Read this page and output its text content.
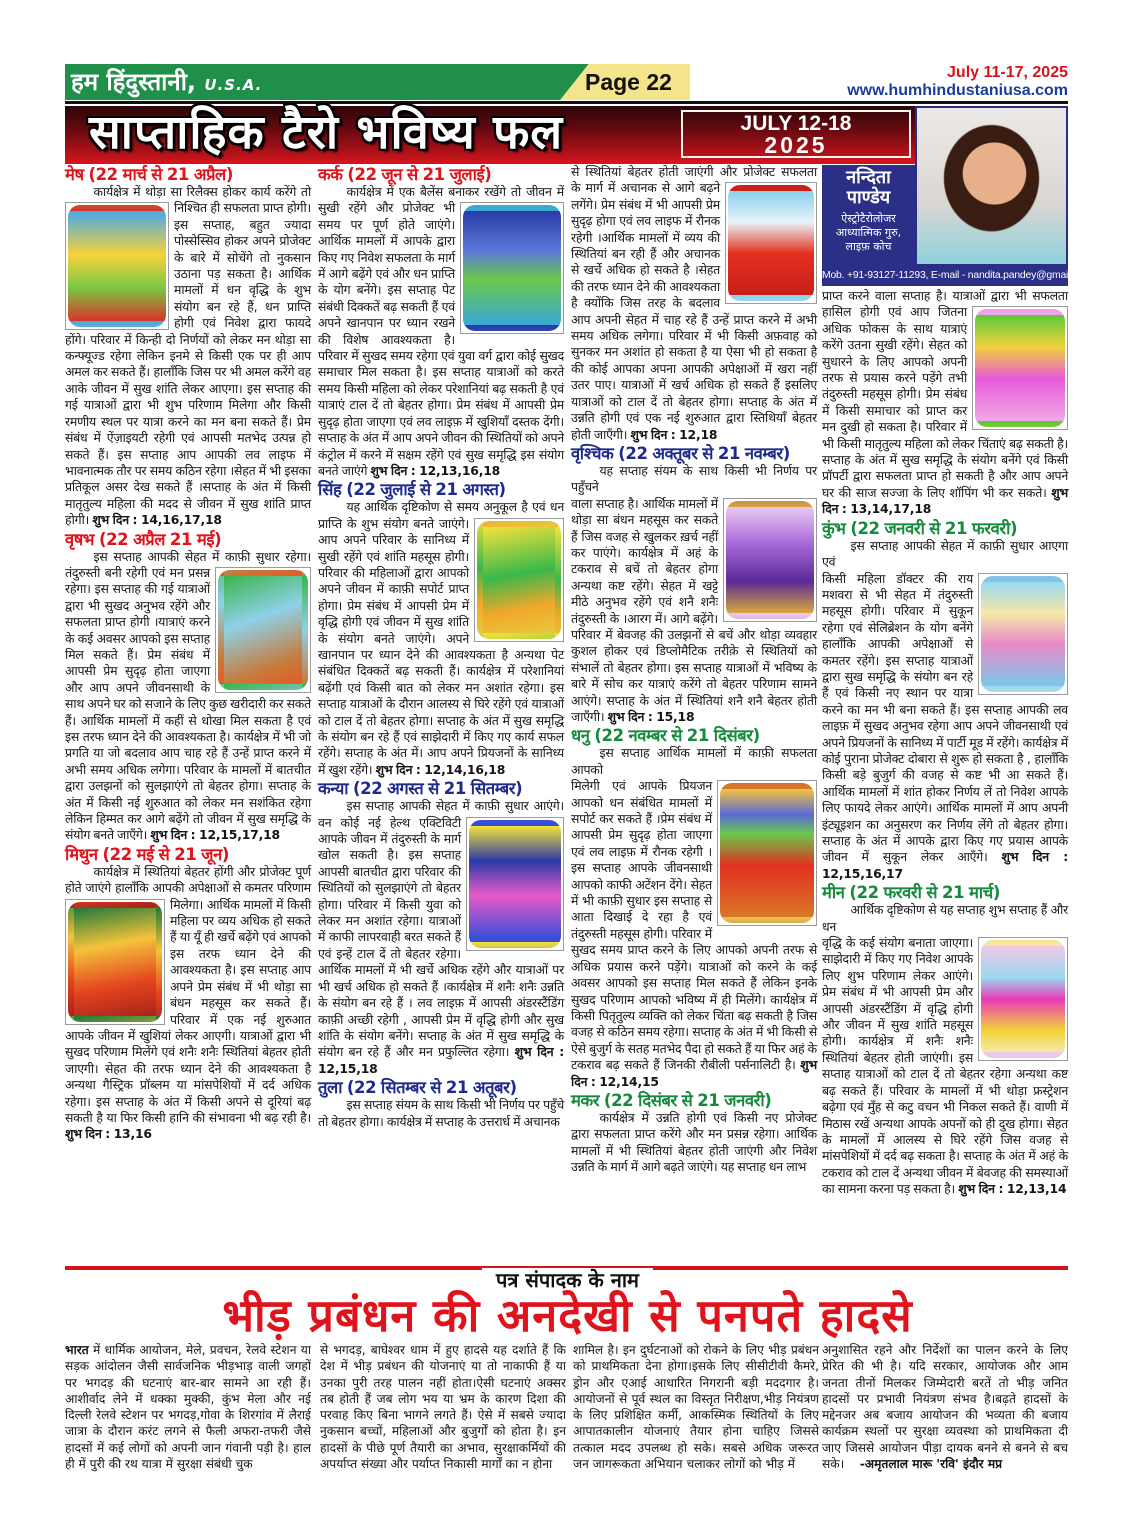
हम हिंदुस्तानी, U.S.A.	Page 22	July 11-17, 2025
www.humhindustaniusa.com
साप्ताहिक टैरो भविष्य फल	JULY 12-18
2025
नन्दिता
पाण्डेय
ऐस्ट्रोटैरोलोजर
आध्यात्मिक गुरु,
लाइफ़ कोच
Mob. +91-93127-11293, E-mail - nandita.pandey@gmail.com
मेष (22 मार्च से 21 अप्रैल)

कार्यक्षेत्र में थोड़ा सा रिलैक्स होकर कार्य करेंगे तो

निश्चित ही सफलता प्राप्त होगी। इस सप्ताह, बहुत ज्यादा पोस्सेस्सिव होकर अपने प्रोजेक्ट के बारे में सोचेंगे तो नुकसान उठाना पड़ सकता है। आर्थिक मामलों में धन वृद्धि के शुभ संयोग बन रहे हैं, धन प्राप्ति होगी एवं निवेश द्वारा फायदे होंगे। परिवार में किन्ही दो निर्णयों को लेकर मन थोड़ा सा कन्फ्यूज्ड रहेगा लेकिन इनमे से किसी एक पर ही आप अमल कर सकते हैं। हालाँकि जिस पर भी अमल करेंगे वह आके जीवन में सुख शांति लेकर आएगा। इस सप्ताह की गई यात्राओं द्वारा भी शुभ परिणाम मिलेगा और किसी रमणीय स्थल पर यात्रा करने का मन बना सकते हैं। प्रेम संबंध में ऐंज़ाइयटी रहेगी एवं आपसी मतभेद उत्पन्न हो सकते हैं। इस सप्ताह आप आपकी लव लाइफ में भावनात्मक तौर पर समय कठिन रहेगा ।सेहत में भी इसका प्रतिकूल असर देख सकते हैं ।सप्ताह के अंत में किसी मातृतुल्य महिला की मदद से जीवन में सुख शांति प्राप्त होगी। शुभ दिन : 14,16,17,18

वृषभ (22 अप्रैल 21 मई)

इस सप्ताह आपकी सेहत में काफ़ी सुधार रहेगा।

तंदुरुस्ती बनी रहेगी एवं मन प्रसन्न रहेगा। इस सप्ताह की गई यात्राओं द्वारा भी सुखद अनुभव रहेंगे और सफलता प्राप्त होगी ।यात्राएं करने के कई अवसर आपको इस सप्ताह मिल सकते हैं। प्रेम संबंध में आपसी प्रेम सुदृढ़ होता जाएगा और आप अपने जीवनसाथी के साथ अपने घर को सजाने के लिए कुछ खरीदारी कर सकते हैं। आर्थिक मामलों में कहीं से धोखा मिल सकता है एवं इस तरफ ध्यान देने की आवश्यकता है। कार्यक्षेत्र में भी जो प्रगति या जो बदलाव आप चाह रहे हैं उन्हें प्राप्त करने में अभी समय अधिक लगेगा। परिवार के मामलों में बातचीत द्वारा उलझनों को सुलझाएंगे तो बेहतर होगा। सप्ताह के अंत में किसी नई शुरुआत को लेकर मन सशंकित रहेगा लेकिन हिम्मत कर आगे बढ़ेंगे तो जीवन में सुख समृद्धि के संयोग बनते जाएँगे। शुभ दिन : 12,15,17,18

मिथुन (22 मई से 21 जून)

कार्यक्षेत्र में स्थितियां बेहतर होंगी और प्रोजेक्ट पूर्ण

होते जाएंगे हालाँकि आपकी अपेक्षाओं से कमतर परिणाम

मिलेगा। आर्थिक मामलों में किसी महिला पर व्यय अधिक हो सकते हैं या यूँ ही खर्चे बढ़ेंगे एवं आपको इस तरफ ध्यान देने की आवश्यकता है। इस सप्ताह आप अपने प्रेम संबंध में भी थोड़ा सा बंधन महसूस कर सकते हैं। परिवार में एक नई शुरुआत आपके जीवन में खुशियां लेकर आएगी। यात्राओं द्वारा भी सुखद परिणाम मिलेंगे एवं शनैः शनैः स्थितियां बेहतर होती जाएगी। सेहत की तरफ ध्यान देने की आवश्यकता है अन्यथा गैस्ट्रिक प्रॉब्लम या मांसपेशियों में दर्द अधिक रहेगा। इस सप्ताह के अंत में किसी अपने से दूरियां बढ़ सकती है या फिर किसी हानि की संभावना भी बढ़ रही है। शुभ दिन : 13,16

कर्क (22 जून से 21 जुलाई)

कार्यक्षेत्र में एक बैलेंस बनाकर रखेंगे तो जीवन में

सुखी रहेंगे और प्रोजेक्ट भी समय पर पूर्ण होते जाएंगे। आर्थिक मामलों में आपके द्वारा किए गए निवेश सफलता के मार्ग में आगे बढ़ेंगे एवं और धन प्राप्ति के योग बनेंगे। इस सप्ताह पेट संबंधी दिक्कतें बढ़ सकती हैं एवं अपने खानपान पर ध्यान रखने की विशेष आवश्यकता है। परिवार में सुखद समय रहेगा एवं युवा वर्ग द्वारा कोई सुखद समाचार मिल सकता है। इस सप्ताह यात्राओं को करते समय किसी महिला को लेकर परेशानियां बढ़ सकती है एवं यात्राएं टाल दें तो बेहतर होगा। प्रेम संबंध में आपसी प्रेम सुदृढ़ होता जाएगा एवं लव लाइफ़ में खुशियाँ दस्तक देंगी। सप्ताह के अंत में आप अपने जीवन की स्थितियों को अपने कंट्रोल में करने में सक्षम रहेंगे एवं सुख समृद्धि इस संयोग बनते जाएंगे शुभ दिन : 12,13,16,18

सिंह (22 जुलाई से 21 अगस्त)

यह आर्थिक दृष्टिकोण से समय अनुकूल है एवं धन

प्राप्ति के शुभ संयोग बनते जाएंगे।आप अपने परिवार के सानिध्य में सुखी रहेंगे एवं शांति महसूस होगी। परिवार की महिलाओं द्वारा आपको अपने जीवन में काफ़ी सपोर्ट प्राप्त होगा। प्रेम संबंध में आपसी प्रेम में वृद्धि होगी एवं जीवन में सुख शांति के संयोग बनते जाएंगे। अपने खानपान पर ध्यान देने की आवश्यकता है अन्यथा पेट संबंधित दिक्कतें बढ़ सकती हैं। कार्यक्षेत्र में परेशानियां बढ़ेंगी एवं किसी बात को लेकर मन अशांत रहेगा। इस सप्ताह यात्राओं के दौरान आलस्य से घिरे रहेंगे एवं यात्राओं को टाल दें तो बेहतर होगा। सप्ताह के अंत में सुख समृद्धि के संयोग बन रहे हैं एवं साझेदारी में किए गए कार्य सफल रहेंगे। सप्ताह के अंत में। आप अपने प्रियजनों के सानिध्य में खुश रहेंगे। शुभ दिन : 12,14,16,18

कन्या (22 अगस्त से 21 सितम्बर)

इस सप्ताह आपकी सेहत में काफ़ी सुधार आएंगे।

वन कोई नई हेल्थ एक्टिविटी आपके जीवन में तंदुरुस्ती के मार्ग खोल सकती है। इस सप्ताह आपसी बातचीत द्वारा परिवार की स्थितियों को सुलझाएंगे तो बेहतर होगा। परिवार में किसी युवा को लेकर मन अशांत रहेगा। यात्राओं में काफी लापरवाही बरत सकते हैं एवं इन्हें टाल दें तो बेहतर रहेगा। आर्थिक मामलों में भी खर्चे अधिक रहेंगे और यात्राओं पर भी खर्च अधिक हो सकते हैं ।कार्यक्षेत्र में शनैः शनैः उन्नति के संयोग बन रहे हैं । लव लाइफ़ में आपसी अंडरस्टैंडिंग काफ़ी अच्छी रहेगी , आपसी प्रेम में वृद्धि होगी और सुख शांति के संयोग बनेंगे। सप्ताह के अंत में सुख समृद्धि के संयोग बन रहे हैं और मन प्रफुल्लित रहेगा। शुभ दिन : 12,15,18

तुला (22 सितम्बर से 21 अतूबर)

इस सप्ताह संयम के साथ किसी भी निर्णय पर पहुँचे

तो बेहतर होगा। कार्यक्षेत्र में सप्ताह के उत्तरार्ध में अचानक

से स्थितियां बेहतर होती जाएंगी और प्रोजेक्ट सफलता

के मार्ग में अचानक से आगे बढ़ने लगेंगे। प्रेम संबंध में भी आपसी प्रेम सुदृढ़ होगा एवं लव लाइफ में रौनक रहेगी ।आर्थिक मामलों में व्यय की स्थितियां बन रही हैं और अचानक से खर्चे अधिक हो सकते है ।सेहत की तरफ ध्यान देने की आवश्यकता है क्योंकि जिस तरह के बदलाव आप अपनी सेहत में चाह रहे हैं उन्हें प्राप्त करने में अभी समय अधिक लगेगा। परिवार में भी किसी अफ़वाह को सुनकर मन अशांत हो सकता है या ऐसा भी हो सकता है की कोई आपका अपना आपकी अपेक्षाओं में खरा नहीं उतर पाए। यात्राओं में खर्च अधिक हो सकते हैं इसलिए यात्राओं को टाल दें तो बेहतर होगा। सप्ताह के अंत में उन्नति होगी एवं एक नई शुरुआत द्वारा स्तिथियाँ बेहतर होती जाएँगी। शुभ दिन : 12,18

वृश्चिक (22 अक्तूबर से 21 नवम्बर)

यह सप्ताह संयम के साथ किसी भी निर्णय पर पहुँचने

वाला सप्ताह है। आर्थिक मामलों में थोड़ा सा बंधन महसूस कर सकते हैं जिस वजह से खुलकर ख़र्च नहीं कर पाएंगे। कार्यक्षेत्र में अहं के टकराव से बचें तो बेहतर होगा अन्यथा कष्ट रहेंगे। सेहत में खट्टे मीठे अनुभव रहेंगे एवं शनै शनैः तंदुरुस्ती के ।आरग में। आगे बढ़ेंगे। परिवार में बेवजह की उलझनों से बचें और थोड़ा व्यवहार कुशल होकर एवं डिप्लोमैटिक तरीक़े से स्थितियों को संभालें तो बेहतर होगा। इस सप्ताह यात्राओं में भविष्य के बारे में सोच कर यात्राएं करेंगे तो बेहतर परिणाम सामने आएंगे। सप्ताह के अंत में स्थितियां शनै शनै बेहतर होती जाएँगी। शुभ दिन : 15,18

धनु (22 नवम्बर से 21 दिसंबर)

इस सप्ताह आर्थिक मामलों में काफ़ी सफलता आपको

मिलेगी एवं आपके प्रियजन आपको धन संबंधित मामलों में सपोर्ट कर सकते हैं ।प्रेम संबंध में आपसी प्रेम सुदृढ़ होता जाएगा एवं लव लाइफ़ में रौनक रहेगी ।इस सप्ताह आपके जीवनसाथी आपको काफी अटेंशन देंगे। सेहत में भी काफ़ी सुधार इस सप्ताह से आता दिखाई दे रहा है एवं तंदुरुस्ती महसूस होगी। परिवार में सुखद समय प्राप्त करने के लिए आपको अपनी तरफ से अधिक प्रयास करने पड़ेंगे। यात्राओं को करने के कई अवसर आपको इस सप्ताह मिल सकते हैं लेकिन इनके सुखद परिणाम आपको भविष्य में ही मिलेंगे। कार्यक्षेत्र में किसी पितृतुल्य व्यक्ति को लेकर चिंता बढ़ सकती है जिस वजह से कठिन समय रहेगा। सप्ताह के अंत में भी किसी से ऐसे बुजुर्ग के सतह मतभेद पैदा हो सकते हैं या फिर अहं के टकराव बढ़ सकते हैं जिनकी रौबीली पर्सनालिटी है। शुभ दिन : 12,14,15

मकर (22 दिसंबर से 21 जनवरी)

कार्यक्षेत्र में उन्नति होगी एवं किसी नए प्रोजेक्ट

द्वारा सफलता प्राप्त करेंगे और मन प्रसन्न रहेगा। आर्थिक मामलों में भी स्थितियां बेहतर होती जाएंगी और निवेश उन्नति के मार्ग में आगे बढ़ते जाएंगे। यह सप्ताह धन लाभ

प्राप्त करने वाला सप्ताह है। यात्राओं द्वारा भी सफलता

हासिल होगी एवं आप जितना अधिक फोकस के साथ यात्राएं करेंगे उतना सुखी रहेंगे। सेहत को सुधारने के लिए आपको अपनी तरफ से प्रयास करने पड़ेंगे तभी तंदुरुस्ती महसूस होगी। प्रेम संबंध में किसी समाचार को प्राप्त कर मन दुखी हो सकता है। परिवार में भी किसी मातृतुल्य महिला को लेकर चिंताएं बढ़ सकती है। सप्ताह के अंत में सुख समृद्धि के संयोग बनेंगे एवं किसी प्रॉपर्टी द्वारा सफलता प्राप्त हो सकती है और आप अपने घर की साज सज्जा के लिए शॉपिंग भी कर सकते। शुभ दिन : 13,14,17,18

कुंभ (22 जनवरी से 21 फरवरी)

इस सप्ताह आपकी सेहत में काफ़ी सुधार आएगा एवं

किसी महिला डॉक्टर की राय मशवरा से भी सेहत में तंदुरुस्ती महसूस होगी। परिवार में सुकून रहेगा एवं सेलिब्रेशन के योग बनेंगे हालाँकि आपकी अपेक्षाओं से कमतर रहेंगे। इस सप्ताह यात्राओं द्वारा सुख समृद्धि के संयोग बन रहे हैं एवं किसी नए स्थान पर यात्रा करने का मन भी बना सकते हैं। इस सप्ताह आपकी लव लाइफ़ में सुखद अनुभव रहेगा आप अपने जीवनसाथी एवं अपने प्रियजनों के सानिध्य में पार्टी मूड में रहेंगे। कार्यक्षेत्र में कोई पुराना प्रोजेक्ट दोबारा से शुरू हो सकता है , हालाँकि किसी बड़े बुजुर्ग की वजह से कष्ट भी आ सकते हैं। आर्थिक मामलों में शांत होकर निर्णय लें तो निवेश आपके लिए फायदे लेकर आएंगे। आर्थिक मामलों में आप अपनी इंट्यूइशन का अनुसरण कर निर्णय लेंगे तो बेहतर होगा। सप्ताह के अंत में आपके द्वारा किए गए प्रयास आपके जीवन में सुकून लेकर आएँगे। शुभ दिन : 12,15,16,17

मीन (22 फरवरी से 21 मार्च)

आर्थिक दृष्टिकोण से यह सप्ताह शुभ सप्ताह हैं और धन

वृद्धि के कई संयोग बनाता जाएगा। साझेदारी में किए गए निवेश आपके लिए शुभ परिणाम लेकर आएंगे। प्रेम संबंध में भी आपसी प्रेम और आपसी अंडरस्टैंडिंग में वृद्धि होगी और जीवन में सुख शांति महसूस होगी। कार्यक्षेत्र में शनैः शनैः स्थितियां बेहतर होती जाएंगी। इस सप्ताह यात्राओं को टाल दें तो बेहतर रहेगा अन्यथा कष्ट बढ़ सकते हैं। परिवार के मामलों में भी थोड़ा फ्रस्ट्रेशन बढ़ेगा एवं मुँह से कटु वचन भी निकल सकते हैं। वाणी में मिठास रखें अन्यथा आपके अपनों को ही दुख होगा। सेहत के मामलों में आलस्य से घिरे रहेंगे जिस वजह से मांसपेशियों में दर्द बढ़ सकता है। सप्ताह के अंत में अहं के टकराव को टाल दें अन्यथा जीवन में बेवजह की समस्याओं का सामना करना पड़ सकता है। शुभ दिन : 12,13,14

पत्र संपादक के नाम
भीड़ प्रबंधन की अनदेखी से पनपते हादसे

भारत में धार्मिक आयोजन, मेले, प्रवचन, रेलवे स्टेशन या सड़क आंदोलन जैसी सार्वजनिक भीड़भाड़ वाली जगहों पर भगदड़ की घटनाएं बार-बार सामने आ रही हैं। आशीर्वाद लेने में धक्का मुक्की, कुंभ मेला और नई दिल्ली रेलवे स्टेशन पर भगदड़,गोवा के शिरगांव में लैराई जात्रा के दौरान करंट लगने से फैली अफरा-तफरी जैसे हादसों में कई लोगों को अपनी जान गंवानी पड़ी है। हाल ही में पुरी की रथ यात्रा में सुरक्षा संबंधी चुक

से भगदड़, बाघेश्वर धाम में हुए हादसे यह दर्शाते हैं कि देश में भीड़ प्रबंधन की योजनाएं या तो नाकाफी हैं या उनका पुरी तरह पालन नहीं होता।ऐसी घटनाएं अक्सर तब होती हैं जब लोग भय या भ्रम के कारण दिशा की परवाह किए बिना भागने लगते हैं। ऐसे में सबसे ज्यादा नुकसान बच्चों, महिलाओं और बुजुर्गों को होता है। इन हादसों के पीछे पूर्ण तैयारी का अभाव, सुरक्षाकर्मियों की अपर्याप्त संख्या और पर्याप्त निकासी मार्गों का न होना

शामिल है। इन दुर्घटनाओं को रोकने के लिए भीड़ प्रबंधन को प्राथमिकता देना होगा।इसके लिए सीसीटीवी कैमरे, ड्रोन और एआई आधारित निगरानी बड़ी मददगार है। आयोजनों से पूर्व स्थल का विस्तृत निरीक्षण,भीड़ नियंत्रण के लिए प्रशिक्षित कर्मी, आकस्मिक स्थितियों के लिए आपातकालीन योजनाएं तैयार होना चाहिए जिससे तत्काल मदद उपलब्ध हो सके। सबसे अधिक जरूरत जन जागरूकता अभियान चलाकर लोगों को भीड़ में

अनुशासित रहने और निर्देशों का पालन करने के लिए प्रेरित की भी है। यदि सरकार, आयोजक और आम जनता तीनों मिलकर जिम्मेदारी बरतें तो भीड़ जनित हादसों पर प्रभावी नियंत्रण संभव है।बढ़ते हादसों के मद्देनजर अब बजाय आयोजन की भव्यता की बजाय कार्यक्रम स्थलों पर सुरक्षा व्यवस्था को प्राथमिकता दी जाए जिससे आयोजन पीड़ा दायक बनने से बनने से बच सके। -अमृतलाल मारू 'रवि' इंदौर मप्र
